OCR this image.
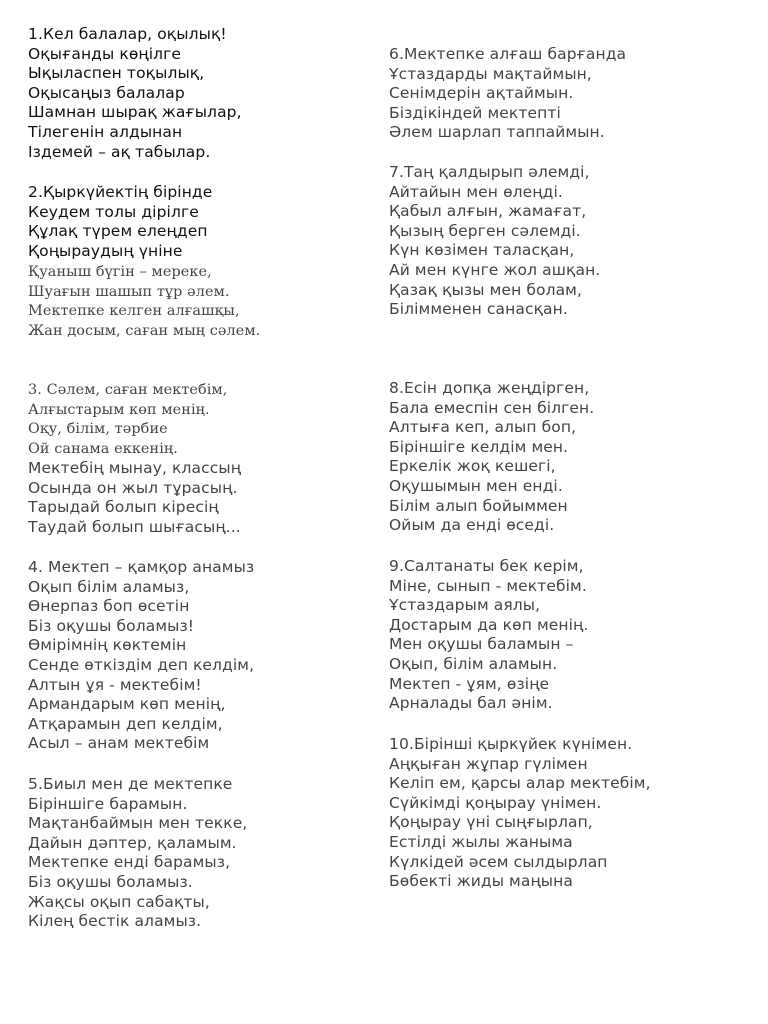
1.Кел балалар, оқылық!
Оқығанды көңілге
Ықыласпен тоқылық,
Оқысаңыз балалар
Шамнан шырақ жағылар,
Тілегенін алдынан
Іздемей – ақ табылар.
2.Қыркүйектің бірінде
Кеудем толы дірілге
Құлақ түрем елеңдеп
Қоңыраудың үніне
Қуаныш бүгін – мереке,
Шуағын шашып тұр әлем.
Мектепке келген алғашқы,
Жан досым, саған мың сәлем.
3. Сәлем, саған мектебім,
Алғыстарым көп менің.
Оқу, білім, тәрбие
Ой санама еккенің.
Мектебің мынау, классың
Осында он жыл тұрасың.
Тарыдай болып кіресің
Таудай болып шығасың...
4. Мектеп – қамқор анамыз
Оқып білім аламыз,
Өнерпаз боп өсетін
Біз оқушы боламыз!
Өмірімнің көктемін
Сенде өткіздім деп келдім,
Алтын ұя - мектебім!
Армандарым көп менің,
Атқарамын деп келдім,
Асыл – анам мектебім
5.Биыл мен де мектепке
Біріншіге барамын.
Мақтанбаймын мен текке,
Дайын дәптер, қаламым.
Мектепке енді барамыз,
Біз оқушы боламыз.
Жақсы оқып сабақты,
Кілең бестік аламыз.
6.Мектепке алғаш барғанда
Ұстаздарды мақтаймын,
Сенімдерін ақтаймын.
Біздікіндей мектепті
Әлем шарлап таппаймын.
7.Таң қалдырып әлемді,
Айтайын мен өлеңді.
Қабыл алғын, жамағат,
Қызың берген сәлемді.
Күн көзімен таласқан,
Ай мен күнге жол ашқан.
Қазақ қызы мен болам,
Білімменен санасқан.
8.Есін допқа жеңдірген,
Бала емеспін сен білген.
Алтыға кеп, алып боп,
Біріншіге келдім мен.
Еркелік жоқ кешегі,
Оқушымын мен енді.
Білім алып бойыммен
Ойым да енді өседі.
9.Салтанаты бек керім,
Міне, сынып - мектебім.
Ұстаздарым аялы,
Достарым да көп менің.
Мен оқушы баламын –
Оқып, білім аламын.
Мектеп - ұям, өзіңе
Арналады бал әнім.
10.Бірінші қыркүйек күнімен.
Аңқыған жұпар гүлімен
Келіп ем, қарсы алар мектебім,
Сүйкімді қоңырау үнімен.
Қоңырау үні сыңғырлап,
Естілді жылы жаныма
Күлкідей әсем сылдырлап
Бөбекті жиды маңына
